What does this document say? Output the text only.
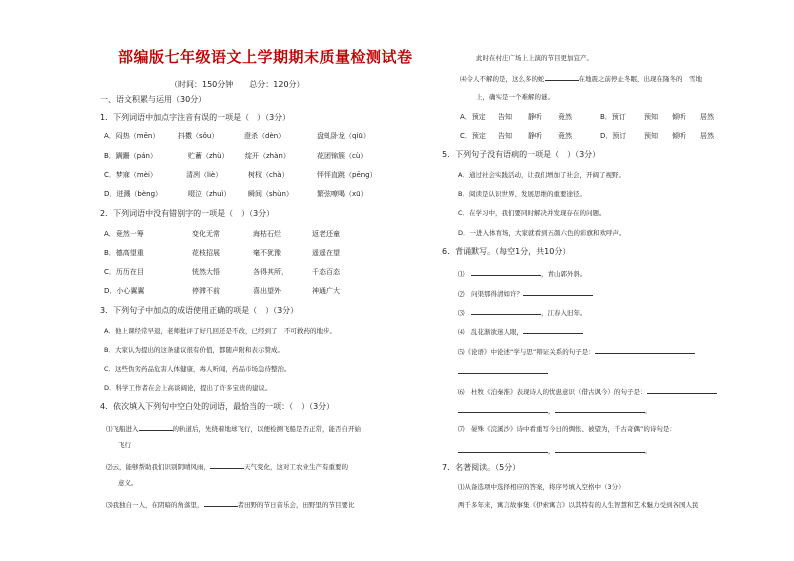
部编版七年级语文上学期期末质量检测试卷
（时间：150分钟　　总分：120分）
一、语文积累与运用（30分）
1．下列词语中加点字注音有误的一项是（　）（3分）
A．闷热（mēn）	抖擞（sǒu）	澄杀（dèn）	盘虬卧龙（qiū）
B．蹒跚（pán）	贮蓄（zhù） 绽开（zhàn）	花团锦簇（cù）
C．梦寐（mèi）	清冽（liè）	树杈（chà）	怦怦直跳（pēng）
D．迸溅（bèng）	啜泣（zhuì）	瞬间（shùn）	繁弦嘹喝（xū）
2．下列词语中没有错别字的一项是（　）（3分）
A．竟然一筹	变化无常	海枯石烂	返老还童
B．德高望重	花枝招展	毫不犹豫	遥遥在望
C．历历在目	恍然大悟	各得其所，	千态百态
D．小心翼翼	停滞不前	喜出望外	神通广大
3．下列句子中加点的成语使用正确的项是（　）（3分）
A．他上课经常早退，老师批评了好几回还是不改，已经到了　不可救药的地步。
B．大家认为提出的这条建议很有价值，都随声附和表示赞成。
C．这些伪劣药品危害人体健康，毒人听闻，药品市场急待整治。
D．科学工作者在会上高谈阔论，提出了许多宝贵的建议。
4．依次填入下列句中空白处的词语，最恰当的一项：（　）（3分）
⑴飞船进入	的轨道后，先绕着地球飞行，以便检测飞船是否正常，能否自开始
飞行
⑵云，能够帮助我们识别阴晴风雨，	天气变化，这对工农业生产有重要的
意义。
⑶我独自一人，在阴暗的角落里，	者田野的节日音乐会，田野里的节目要比
此时在村庄广场上上演的节目更加宜产。
⑷令人不解的是，这么多的蛇	在地震之前停止冬眠，出现在隆冬的　雪地
上，确实是一个难解的谜。
A．预定 告知 静听 竟然	B．预订	预知 倾听 居然
C．预定 告知 静听 竟然	D．预订	预知 倾听 居然
5．下列句子没有语病的一项是（　）（3分）
A．通过社会实践活动，让我们增加了社会，开阔了视野。
B．阅读是认识世界、发展思维的重要途径。
C．在学习中，我们要同时解决并发现存在的问题。
D．一进入体育场，大家就看到五颜六色的彩旗和欢呼声。
6．背诵默写。（每空1分，共10分）
⑴　	，青山郭外斜。
⑵　问渠那得清如许？
⑶　	，江春入旧年。
⑷　乱花渐欲迷人眼，
⑸《论语》中论述“学与思”辩证关系的句子是：
⑹　杜牧《泊秦淮》表现诗人的忧患意识（借古讽今）的句子是：
，	。
⑺　晏殊《浣溪沙》诗中看重写今日的惆怅、被望为，千古奇偶”的诗句是：
，	。
7．名著阅读。（5分）
⑴从备选项中选择相应的答案，将序号填入空格中（3分）
两千多年来，寓言故事集《伊索寓言》以其特有的人生智慧和艺术魅力受到各国人民
